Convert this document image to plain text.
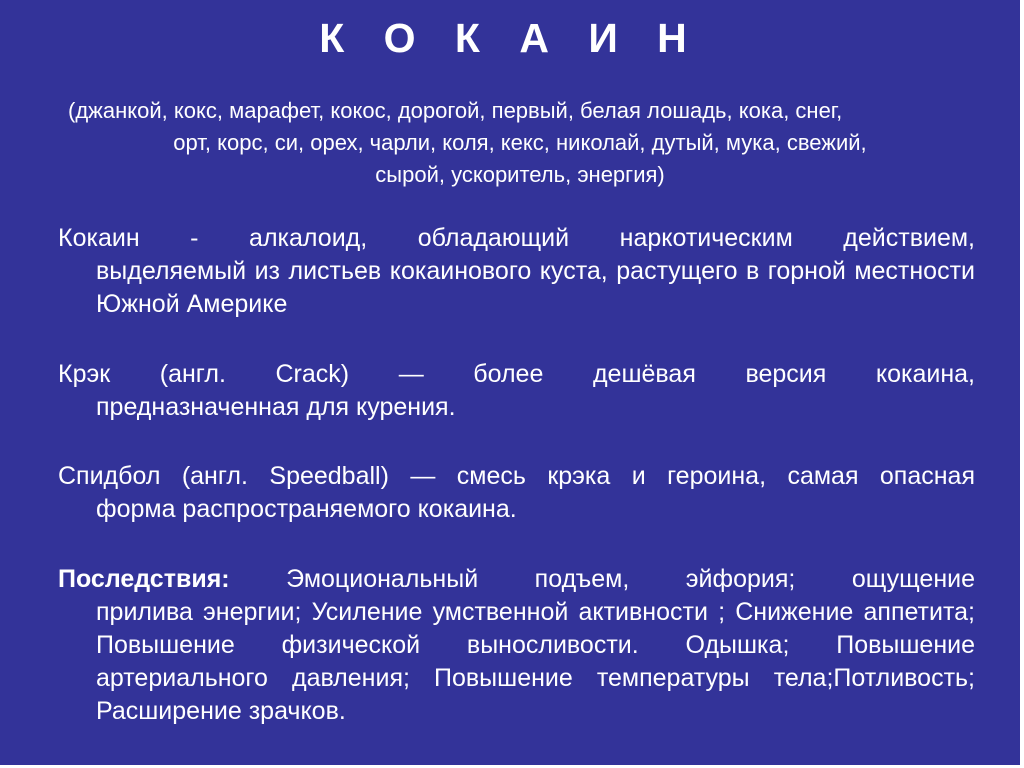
К О К А И Н
(джанкой, кокс, марафет, кокос, дорогой, первый, белая лошадь, кока, снег,
орт, корс, си, орех, чарли, коля, кекс, николай, дутый, мука, свежий,
сырой, ускоритель, энергия)
Кокаин - алкалоид, обладающий наркотическим действием,
выделяемый из листьев кокаинового куста, растущего в горной местности Южной Америке
Крэк (англ. Crack) — более дешёвая версия кокаина,
предназначенная для курения.
Спидбол (англ. Speedball) — смесь крэка и героина, самая опасная
форма распространяемого кокаина.
Последствия: Эмоциональный подъем, эйфория; ощущение
прилива энергии; Усиление умственной активности ; Снижение аппетита; Повышение физической выносливости. Одышка; Повышение артериального давления; Повышение температуры тела;Потливость; Расширение зрачков.
